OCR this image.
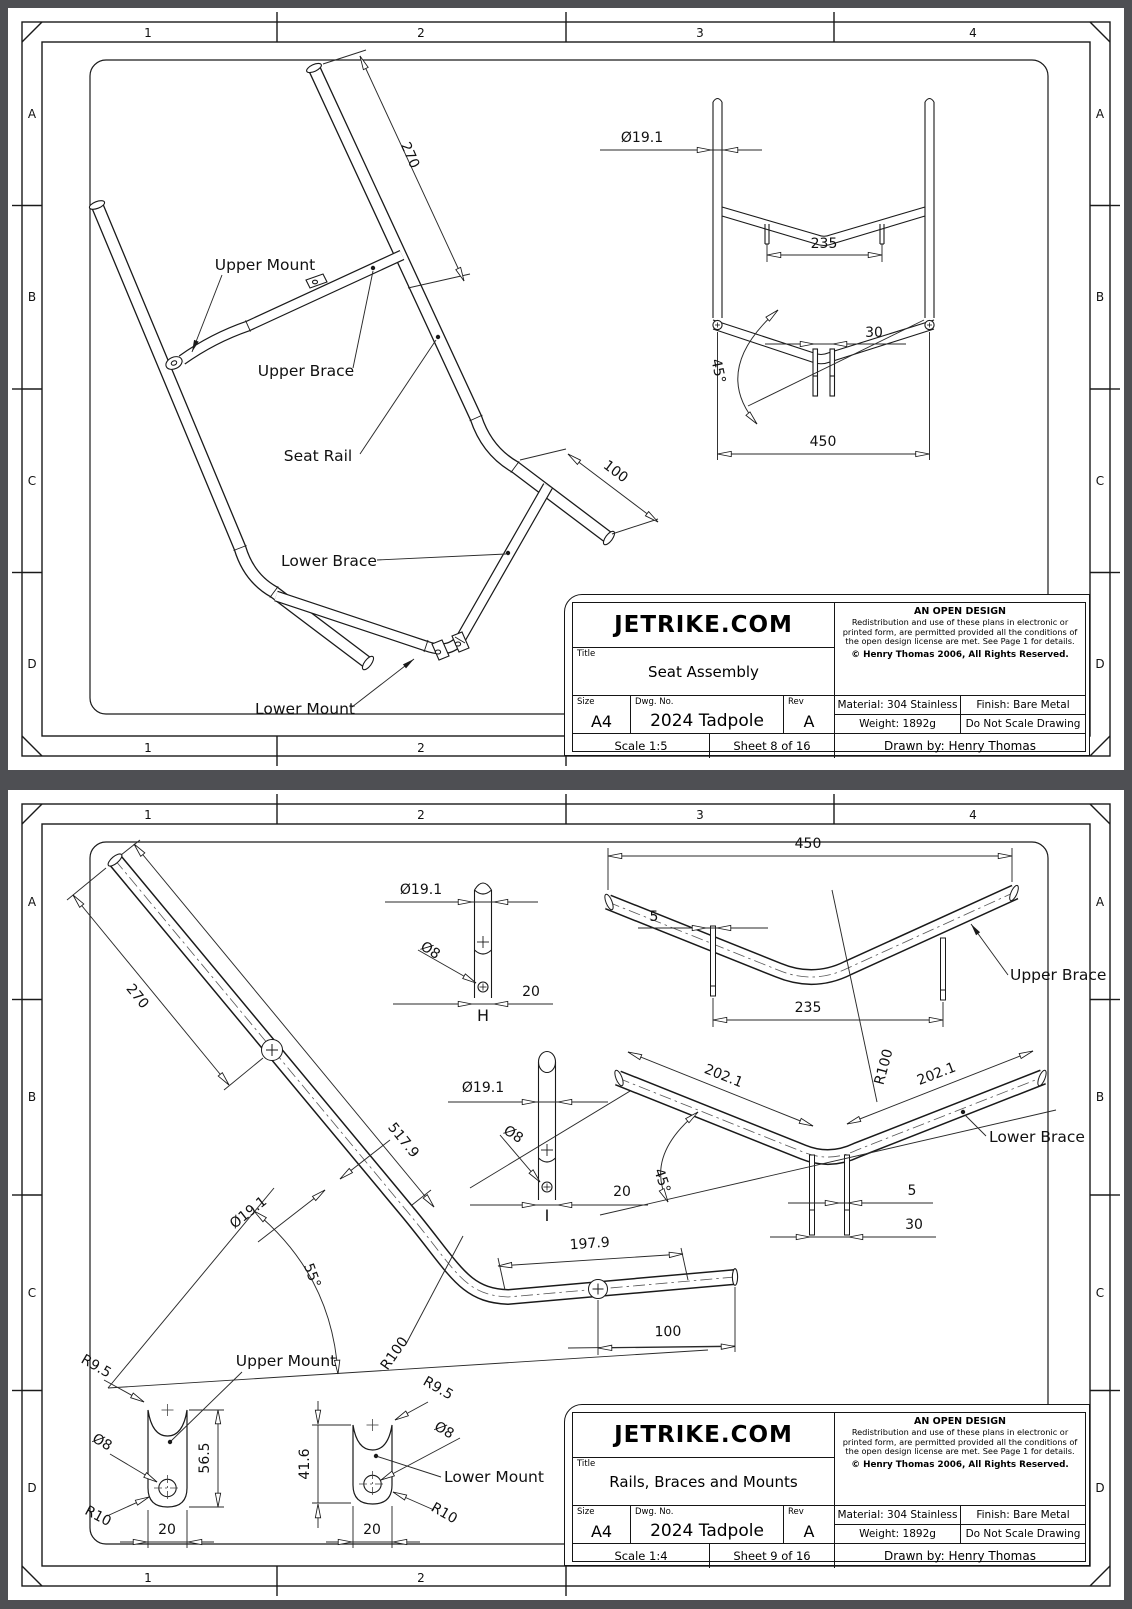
1	2	3	4
1	2
A
B
C
D
A
B
C
D
270
100
Upper Mount
Upper Brace
Seat Rail
Lower Brace
Lower Mount
Ø19.1
235
30
45°
450
JETRIKE.COM
Title
Seat Assembly
AN OPEN DESIGN
Redistribution and use of these plans in electronic or printed form, are permitted provided all the conditions of the open design license are met. See Page 1 for details.
© Henry Thomas 2006, All Rights Reserved.
Size
A4
Dwg. No.
2024 Tadpole
Rev
A
Material: 304 Stainless	Finish: Bare Metal
Weight: 1892g	Do Not Scale Drawing
Scale 1:5	Sheet 8 of 16	Drawn by: Henry Thomas
1	2	3	4
1	2
A
B
C
D
A
B
C
D
270
517.9
Ø19.1
55°
R100
197.9
100
Ø19.1
Ø8
20
H
Ø19.1
Ø8
20
I
450
5
235
R100
Upper Brace
202.1	202.1
45°	5
30
Lower Brace
R9.5
Ø8
R10
56.5
20
Upper Mount
R9.5
Ø8
R10
41.6
20
Lower Mount
JETRIKE.COM
Title
Rails, Braces and Mounts
AN OPEN DESIGN
Redistribution and use of these plans in electronic or printed form, are permitted provided all the conditions of the open design license are met. See Page 1 for details.
© Henry Thomas 2006, All Rights Reserved.
Size
A4
Dwg. No.
2024 Tadpole
Rev
A
Material: 304 Stainless	Finish: Bare Metal
Weight: 1892g	Do Not Scale Drawing
Scale 1:4	Sheet 9 of 16	Drawn by: Henry Thomas
